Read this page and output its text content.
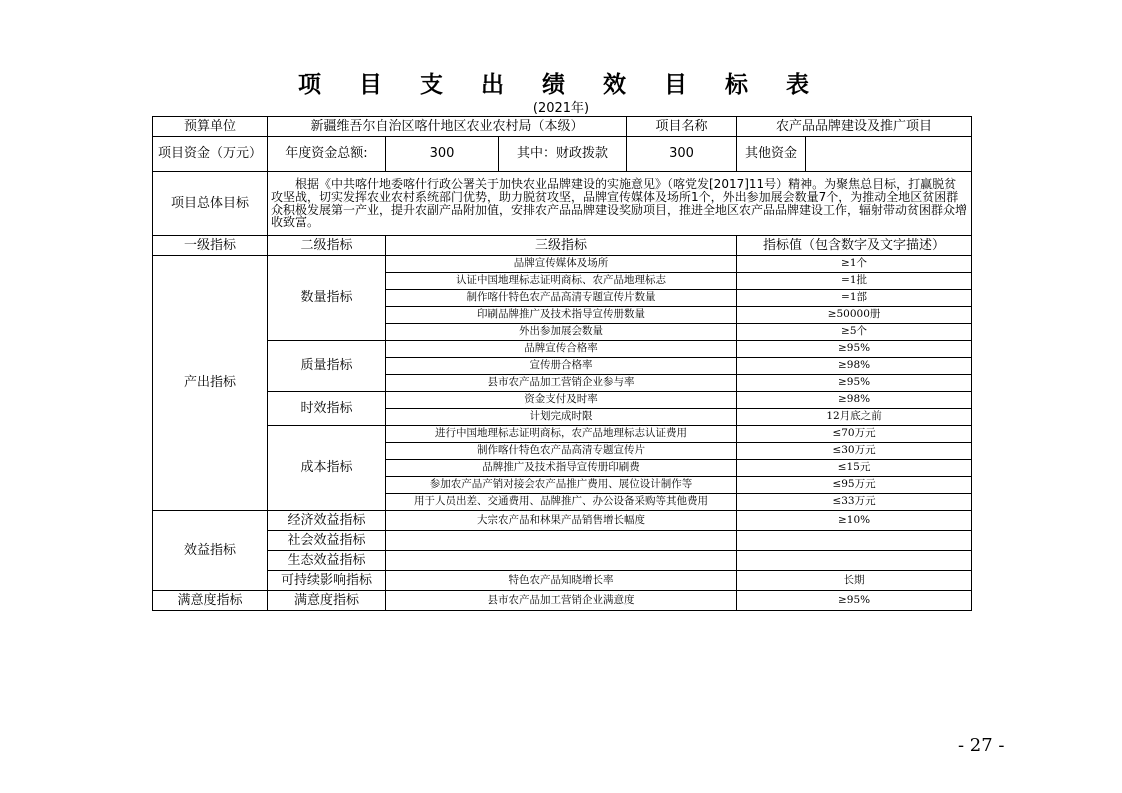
项 目 支 出 绩 效 目 标 表
(2021年)
预算单位	新疆维吾尔自治区喀什地区农业农村局（本级）			项目名称	农产品品牌建设及推广项目	
项目资金（万元）	年度资金总额:	300	其中：财政拨款	300	其他资金	
项目总体目标	根据《中共喀什地委喀什行政公署关于加快农业品牌建设的实施意见》（喀党发[2017]11号）精神。为聚焦总目标，打赢脱贫攻坚战，切实发挥农业农村系统部门优势，助力脱贫攻坚，品牌宣传媒体及场所1个，外出参加展会数量7个，为推动全地区贫困群众积极发展第一产业，提升农副产品附加值，安排农产品品牌建设奖励项目，推进全地区农产品品牌建设工作，辐射带动贫困群众增收致富。					
一级指标	二级指标	三级指标			指标值（包含数字及文字描述）	
产出指标	数量指标	品牌宣传媒体及场所			≥1个	
		认证中国地理标志证明商标、农产品地理标志			=1批	
		制作喀什特色农产品高清专题宣传片数量			=1部	
		印刷品牌推广及技术指导宣传册数量			≥50000册	
		外出参加展会数量			≥5个	
	质量指标	品牌宣传合格率			≥95%	
		宣传册合格率			≥98%	
		县市农产品加工营销企业参与率			≥95%	
	时效指标	资金支付及时率			≥98%	
		计划完成时限			12月底之前	
	成本指标	进行中国地理标志证明商标，农产品地理标志认证费用			≤70万元	
		制作喀什特色农产品高清专题宣传片			≤30万元	
		品牌推广及技术指导宣传册印刷费			≤15元	
		参加农产品产销对接会农产品推广费用、展位设计制作等			≤95万元	
		用于人员出差、交通费用、品牌推广、办公设备采购等其他费用			≤33万元	
效益指标	经济效益指标	大宗农产品和林果产品销售增长幅度			≥10%	
	社会效益指标					
	生态效益指标					
	可持续影响指标	特色农产品知晓增长率			长期	
满意度指标	满意度指标	县市农产品加工营销企业满意度			≥95%	
- 27 -
